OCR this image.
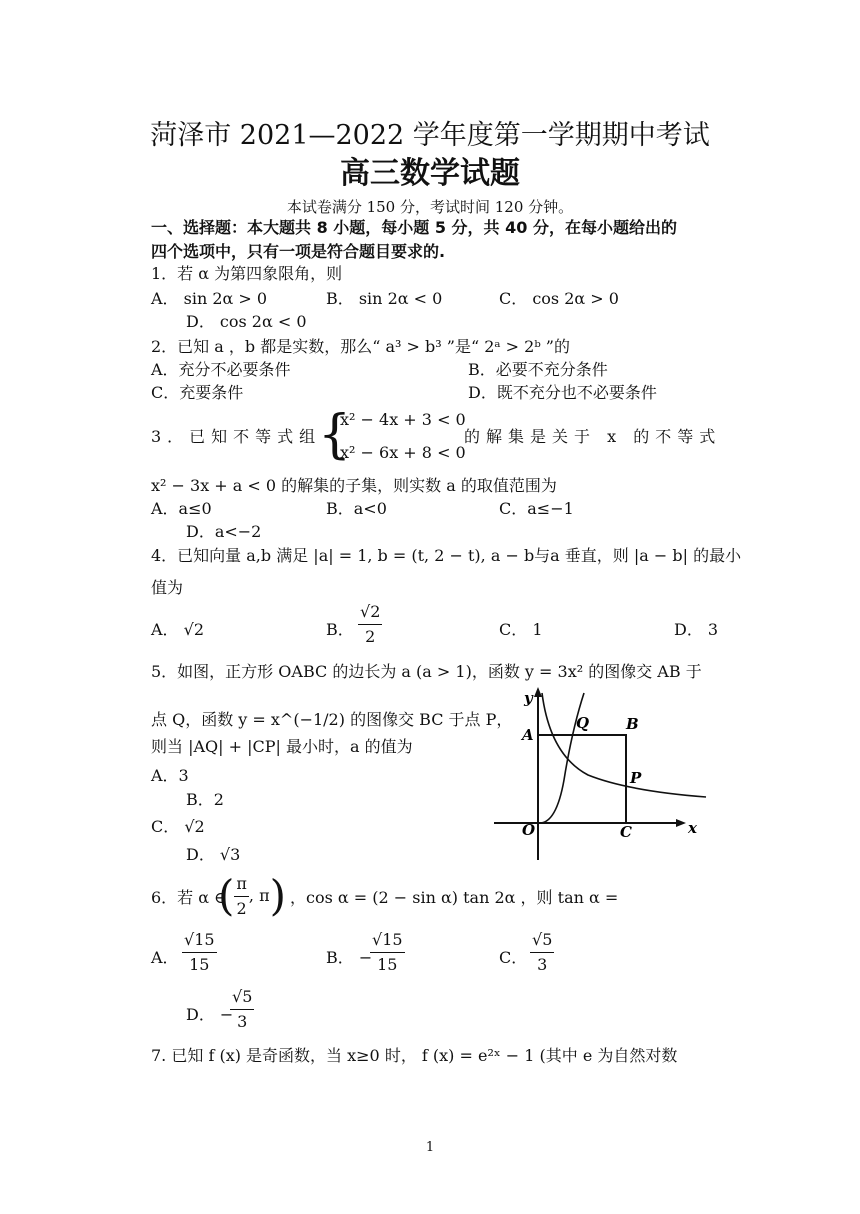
菏泽市 2021—2022 学年度第一学期期中考试
高三数学试题
本试卷满分 150 分，考试时间 120 分钟。
一、选择题：本大题共 8 小题，每小题 5 分，共 40 分，在每小题给出的
四个选项中，只有一项是符合题目要求的.
1．若 α 为第四象限角，则
A． sin 2α > 0	B． sin 2α < 0	C． cos 2α > 0
D． cos 2α < 0
2．已知 a ，b 都是实数，那么“ a³ > b³ ”是“ 2ᵃ > 2ᵇ ”的
A．充分不必要条件	B．必要不充分条件
C．充要条件	D．既不充分也不必要条件
3．已知不等式组
{
x² − 4x + 3 < 0
x² − 6x + 8 < 0
的解集是关于 x 的不等式
x² − 3x + a < 0 的解集的子集，则实数 a 的取值范围为
A．a≤0	B．a<0	C．a≤−1
D．a<−2
4．已知向量 a,b 满足 |a| = 1, b = (t, 2 − t), a − b与a 垂直，则 |a − b| 的最小
值为
A． √2	B． $\frac{√2}{2}$	C． 1	D． 3
5．如图，正方形 OABC 的边长为 a (a > 1)，函数 y = 3x² 的图像交 AB 于
点 Q，函数 y = x^(−1/2) 的图像交 BC 于点 P，
则当 |AQ| + |CP| 最小时，a 的值为
A．3
B．2
C． √2
D． √3
y
x
O
A
B
C
P
Q
6．若 α ∈
( $\frac{\pi}{2}$ , π) ，cos α = (2 − sin α) tan 2α ，则 tan α =
A． $\frac{√15}{15}$	B． −
$\frac{√15}{15}$	C． $\frac{√5}{3}$
D． −
$\frac{√5}{3}$
7. 已知 f (x) 是奇函数，当 x≥0 时， f (x) = e²ˣ − 1 (其中 e 为自然对数
1
